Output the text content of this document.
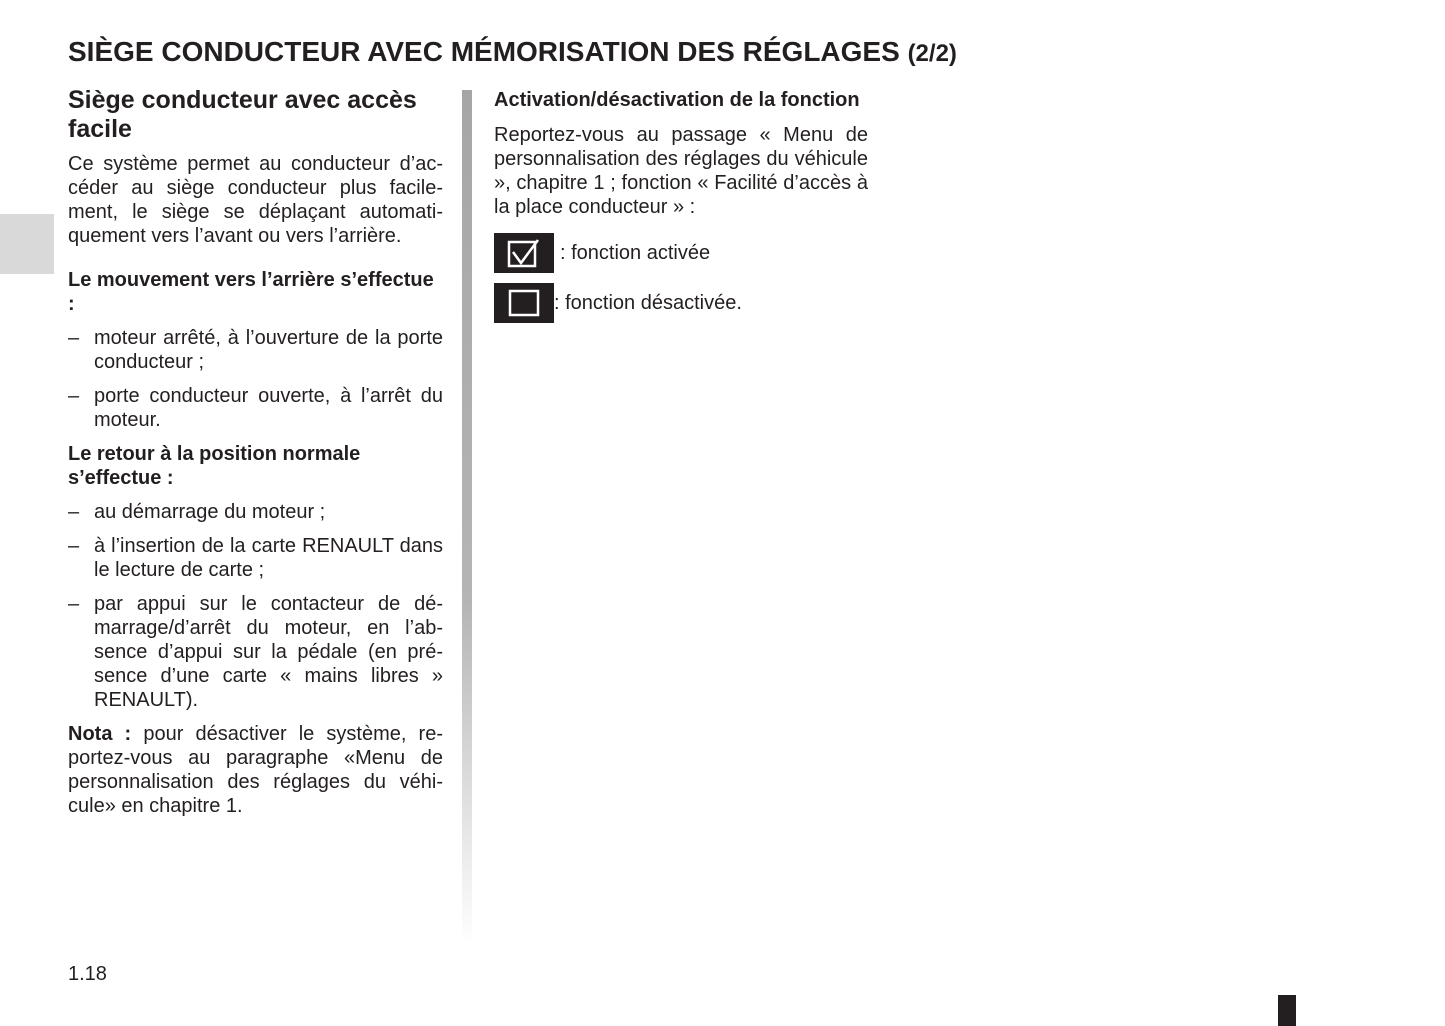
SIÈGE CONDUCTEUR AVEC MÉMORISATION DES RÉGLAGES (2/2)
Siège conducteur avec accès facile

Ce système permet au conducteur d’accéder au siège conducteur plus facilement, le siège se déplaçant automatiquement vers l’avant ou vers l’arrière.

Le mouvement vers l’arrière s’effectue :

– moteur arrêté, à l’ouverture de la porte conducteur ;
– porte conducteur ouverte, à l’arrêt du moteur.

Le retour à la position normale s’effectue :

– au démarrage du moteur ;
– à l’insertion de la carte RENAULT dans le lecture de carte ;
– par appui sur le contacteur de démarrage/d’arrêt du moteur, en l’absence d’appui sur la pédale (en présence d’une carte « mains libres » RENAULT).

Nota : pour désactiver le système, reportez-vous au paragraphe «Menu de personnalisation des réglages du véhicule» en chapitre 1.

Activation/désactivation de la fonction

Reportez-vous au passage « Menu de personnalisation des réglages du véhicule », chapitre 1 ; fonction « Facilité d’accès à la place conducteur » :

: fonction activée
: fonction désactivée.
1.18
